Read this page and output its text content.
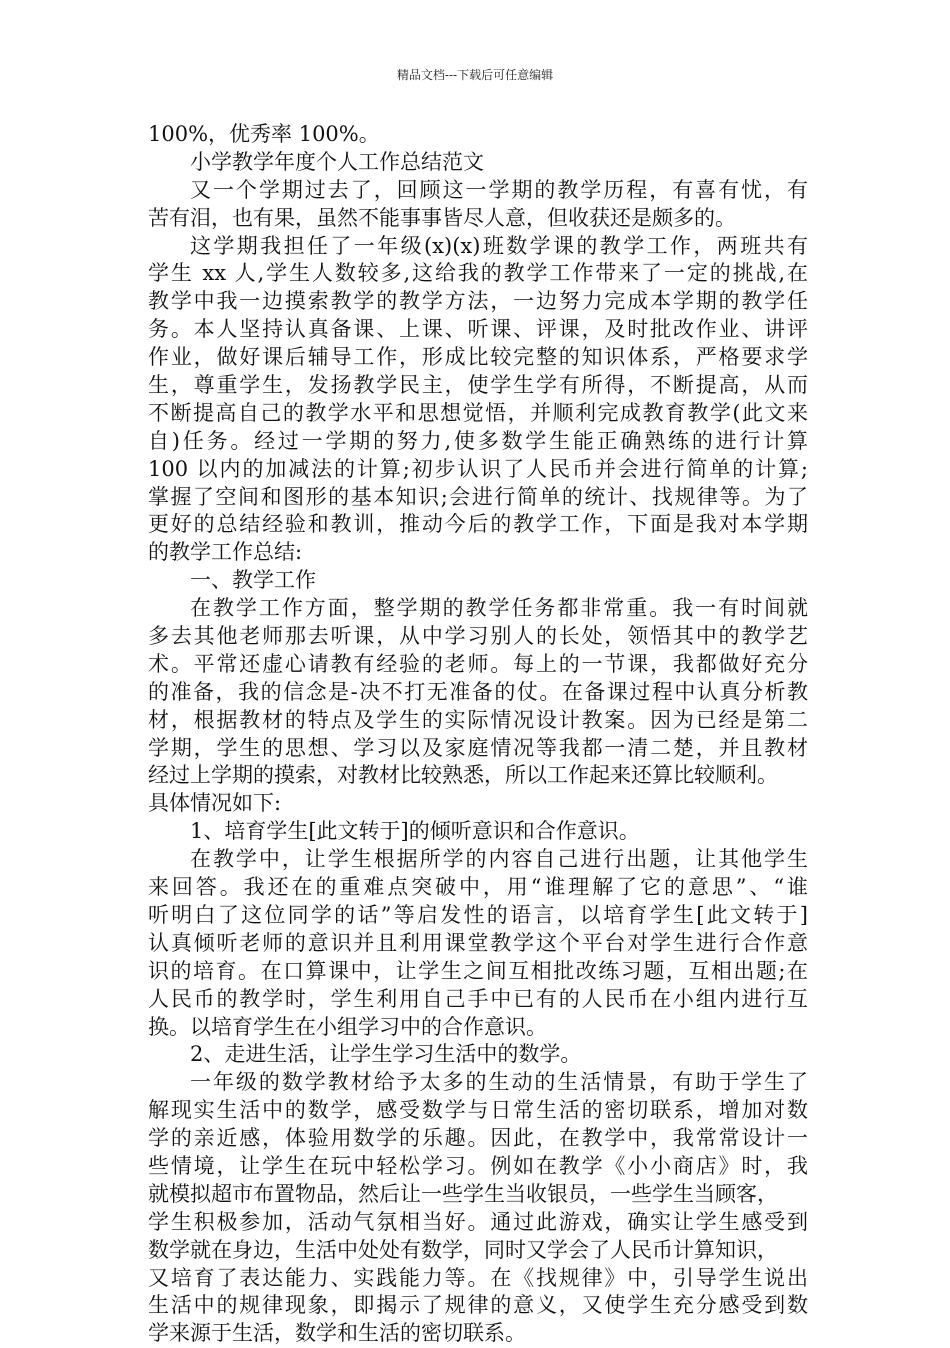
精品文档---下载后可任意编辑
100%，优秀率 100%。
小学教学年度个人工作总结范文
又一个学期过去了，回顾这一学期的教学历程，有喜有忧，有
苦有泪，也有果，虽然不能事事皆尽人意，但收获还是颇多的。
这学期我担任了一年级(x)(x)班数学课的教学工作，两班共有
学生 xx 人,学生人数较多,这给我的教学工作带来了一定的挑战,在
教学中我一边摸索教学的教学方法，一边努力完成本学期的教学任
务。本人坚持认真备课、上课、听课、评课，及时批改作业、讲评
作业，做好课后辅导工作，形成比较完整的知识体系，严格要求学
生，尊重学生，发扬教学民主，使学生学有所得，不断提高，从而
不断提高自己的教学水平和思想觉悟，并顺利完成教育教学(此文来
自)任务。经过一学期的努力,使多数学生能正确熟练的进行计算
100 以内的加减法的计算;初步认识了人民币并会进行简单的计算;
掌握了空间和图形的基本知识;会进行简单的统计、找规律等。为了
更好的总结经验和教训，推动今后的教学工作，下面是我对本学期
的教学工作总结:
一、教学工作
在教学工作方面，整学期的教学任务都非常重。我一有时间就
多去其他老师那去听课，从中学习别人的长处，领悟其中的教学艺
术。平常还虚心请教有经验的老师。每上的一节课，我都做好充分
的准备，我的信念是-决不打无准备的仗。在备课过程中认真分析教
材，根据教材的特点及学生的实际情况设计教案。因为已经是第二
学期，学生的思想、学习以及家庭情况等我都一清二楚，并且教材
经过上学期的摸索，对教材比较熟悉，所以工作起来还算比较顺利。
具体情况如下:
1、培育学生[此文转于]的倾听意识和合作意识。
在教学中，让学生根据所学的内容自己进行出题，让其他学生
来回答。我还在的重难点突破中，用“谁理解了它的意思”、“谁
听明白了这位同学的话”等启发性的语言，以培育学生[此文转于]
认真倾听老师的意识并且利用课堂教学这个平台对学生进行合作意
识的培育。在口算课中，让学生之间互相批改练习题，互相出题;在
人民币的教学时，学生利用自己手中已有的人民币在小组内进行互
换。以培育学生在小组学习中的合作意识。
2、走进生活，让学生学习生活中的数学。
一年级的数学教材给予太多的生动的生活情景，有助于学生了
解现实生活中的数学，感受数学与日常生活的密切联系，增加对数
学的亲近感，体验用数学的乐趣。因此，在教学中，我常常设计一
些情境，让学生在玩中轻松学习。例如在教学《小小商店》时，我
就模拟超市布置物品，然后让一些学生当收银员，一些学生当顾客，
学生积极参加，活动气氛相当好。通过此游戏，确实让学生感受到
数学就在身边，生活中处处有数学，同时又学会了人民币计算知识，
又培育了表达能力、实践能力等。在《找规律》中，引导学生说出
生活中的规律现象，即揭示了规律的意义，又使学生充分感受到数
学来源于生活，数学和生活的密切联系。
